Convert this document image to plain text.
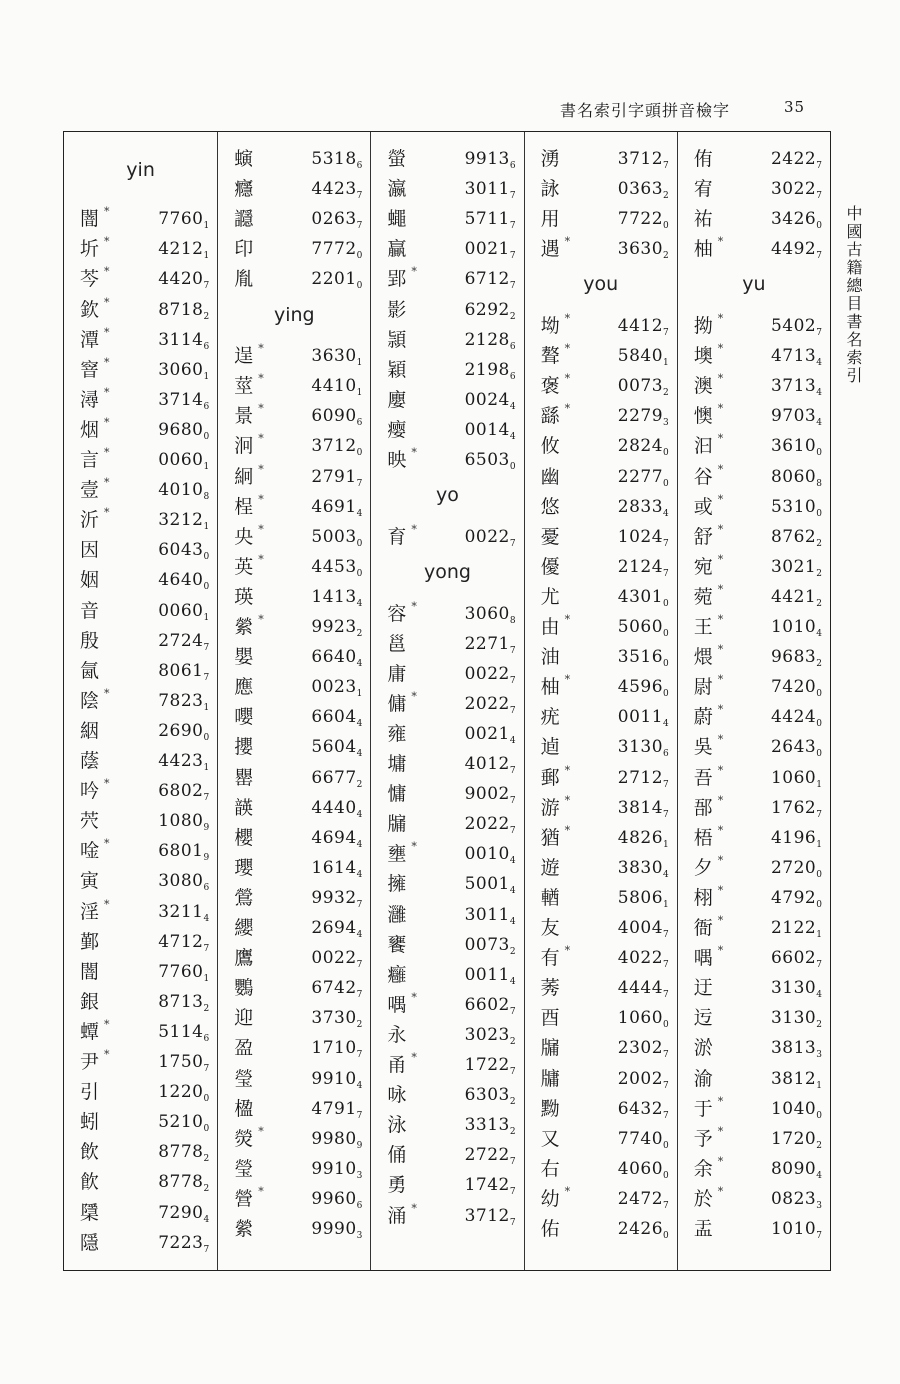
書名索引字頭拼音檢字	35
中國古籍總目書名索引
yin
闇 *	$7760_1$
圻 *	$4212_1$
芩 *	$4420_7$
欽 *	$8718_2$
潭 *	$3114_6$
窨 *	$3060_1$
潯 *	$3714_6$
烟 *	$9680_0$
言 *	$0060_1$
壹 *	$4010_8$
沂 *	$3212_1$
因	$6043_0$
姻	$4640_0$
音	$0060_1$
殷	$2724_7$
氤	$8061_7$
陰 *	$7823_1$
絪	$2690_0$
蔭	$4423_1$
吟 *	$6802_7$
茓	$1080_9$
唫 *	$6801_9$
寅	$3080_6$
淫 *	$3211_4$
鄞	$4712_7$
闇	$7760_1$
銀	$8713_2$
蟫 *	$5114_6$
尹 *	$1750_7$
引	$1220_0$
蚓	$5210_0$
飲	$8778_2$
飮	$8778_2$
檃	$7290_4$
隱	$7223_7$
螾	$5318_6$
癮	$4423_7$
讔	$0263_7$
印	$7772_0$
胤	$2201_0$
ying
逞 *	$3630_1$
莖 *	$4410_1$
景 *	$6090_6$
泂 *	$3712_0$
絅 *	$2791_7$
桯 *	$4691_4$
央 *	$5003_0$
英 *	$4453_0$
瑛	$1413_4$
縈 *	$9923_2$
嬰	$6640_4$
應	$0023_1$
嚶	$6604_4$
攖	$5604_4$
罌	$6677_2$
韺	$4440_4$
櫻	$4694_4$
瓔	$1614_4$
鶯	$9932_7$
纓	$2694_4$
鷹	$0022_7$
鸚	$6742_7$
迎	$3730_2$
盈	$1710_7$
瑩	$9910_4$
楹	$4791_7$
熒 *	$9980_9$
瑩	$9910_3$
營 *	$9960_6$
縈	$9990_3$
螢	$9913_6$
瀛	$3011_7$
蠅	$5711_7$
贏	$0021_7$
郢 *	$6712_7$
影	$6292_2$
頴	$2128_6$
穎	$2198_6$
廮	$0024_4$
瘿	$0014_4$
映 *	$6503_0$
yo
育 *	$0022_7$
yong
容 *	$3060_8$
邕	$2271_7$
庸	$0022_7$
傭 *	$2022_7$
雍	$0021_4$
墉	$4012_7$
慵	$9002_7$
牖	$2022_7$
壅 *	$0010_4$
擁	$5001_4$
灉	$3011_4$
饔	$0073_2$
癰	$0011_4$
喁 *	$6602_7$
永	$3023_2$
甬 *	$1722_7$
咏	$6303_2$
泳	$3313_2$
俑	$2722_7$
勇	$1742_7$
涌 *	$3712_7$
湧	$3712_7$
詠	$0363_2$
用	$7722_0$
遇 *	$3630_2$
you
坳 *	$4412_7$
聱 *	$5840_1$
褒 *	$0073_2$
繇 *	$2279_3$
攸	$2824_0$
幽	$2277_0$
悠	$2833_4$
憂	$1024_7$
優	$2124_7$
尤	$4301_0$
由 *	$5060_0$
油	$3516_0$
柚 *	$4596_0$
疣	$0011_4$
逌	$3130_6$
郵 *	$2712_7$
游 *	$3814_7$
猶 *	$4826_1$
遊	$3830_4$
輶	$5806_1$
友	$4004_7$
有 *	$4022_7$
莠	$4444_7$
酉	$1060_0$
牖	$2302_7$
牗	$2002_7$
黝	$6432_7$
又	$7740_0$
右	$4060_0$
幼 *	$2472_7$
佑	$2426_0$
侑	$2422_7$
宥	$3022_7$
祐	$3426_0$
柚 *	$4492_7$
yu
拗 *	$5402_7$
墺 *	$4713_4$
澳 *	$3713_4$
懊 *	$9703_4$
汩 *	$3610_0$
谷 *	$8060_8$
或 *	$5310_0$
舒 *	$8762_2$
宛 *	$3021_2$
菀 *	$4421_2$
王 *	$1010_4$
煨 *	$9683_2$
尉 *	$7420_0$
蔚 *	$4424_0$
吳 *	$2643_0$
吾 *	$1060_1$
郚 *	$1762_7$
梧 *	$4196_1$
夕 *	$2720_0$
栩 *	$4792_0$
衙 *	$2122_1$
喁 *	$6602_7$
迂	$3130_4$
迃	$3130_2$
淤	$3813_3$
渝	$3812_1$
于 *	$1040_0$
予 *	$1720_2$
余 *	$8090_4$
於 *	$0823_3$
盂	$1010_7$
